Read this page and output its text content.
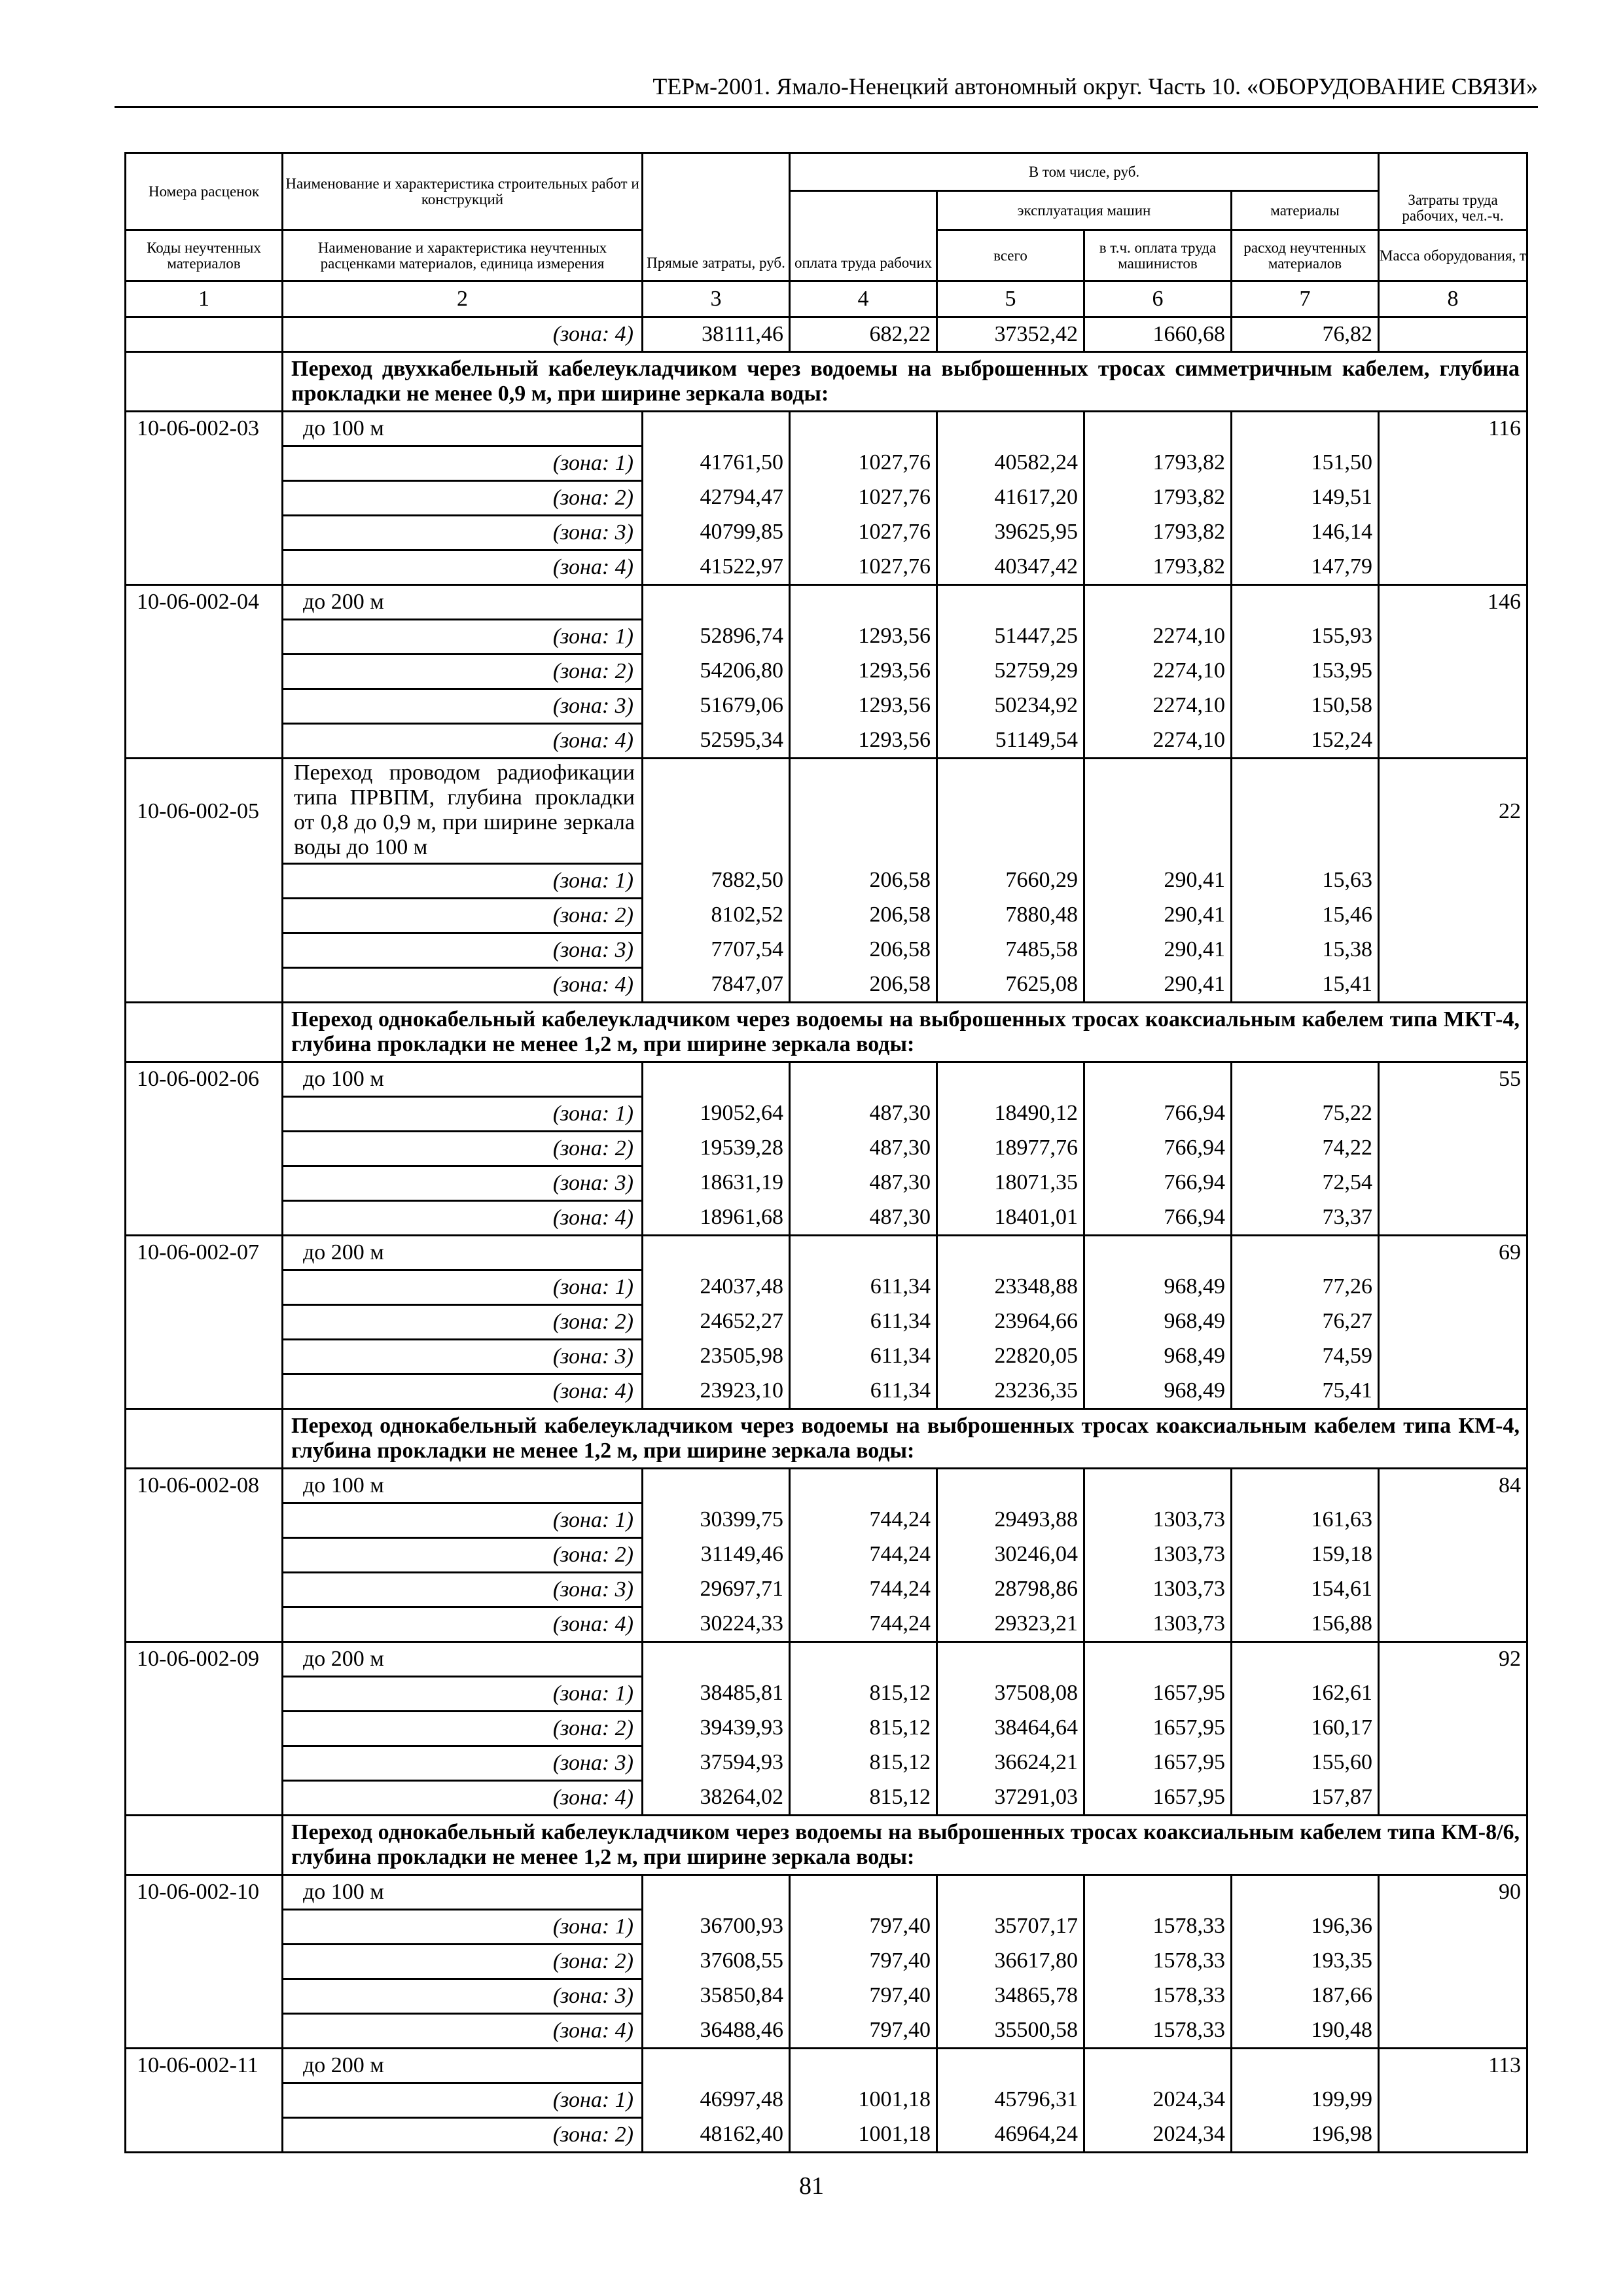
ТЕРм-2001. Ямало-Ненецкий автономный округ. Часть 10. «ОБОРУДОВАНИЕ СВЯЗИ»
Номера расценок	Наименование и характеристика строительных работ и конструкций	Прямые затраты, руб.	В том числе, руб.				Затраты труда рабочих, чел.-ч.
			оплата труда рабочих	эксплуатация машин		материалы	
Коды неучтенных материалов	Наименование и характеристика неучтенных расценками материалов, единица измерения			всего	в т.ч. оплата труда машинистов	расход неучтенных материалов	Масса оборудования, т
1	2	3	4	5	6	7	8
	(зона: 4)	38111,46	682,22	37352,42	1660,68	76,82	
	Переход двухкабельный кабелеукладчиком через водоемы на выброшенных тросах симметричным кабелем, глубина прокладки не менее 0,9 м, при ширине зеркала воды:						
10-06-002-03	до 100 м						116
	(зона: 1)	41761,50	1027,76	40582,24	1793,82	151,50	
	(зона: 2)	42794,47	1027,76	41617,20	1793,82	149,51	
	(зона: 3)	40799,85	1027,76	39625,95	1793,82	146,14	
	(зона: 4)	41522,97	1027,76	40347,42	1793,82	147,79	
10-06-002-04	до 200 м						146
	(зона: 1)	52896,74	1293,56	51447,25	2274,10	155,93	
	(зона: 2)	54206,80	1293,56	52759,29	2274,10	153,95	
	(зона: 3)	51679,06	1293,56	50234,92	2274,10	150,58	
	(зона: 4)	52595,34	1293,56	51149,54	2274,10	152,24	
10-06-002-05	Переход проводом радиофикации типа ПРВПМ, глубина прокладки от 0,8 до 0,9 м, при ширине зеркала воды до 100 м						22
	(зона: 1)	7882,50	206,58	7660,29	290,41	15,63	
	(зона: 2)	8102,52	206,58	7880,48	290,41	15,46	
	(зона: 3)	7707,54	206,58	7485,58	290,41	15,38	
	(зона: 4)	7847,07	206,58	7625,08	290,41	15,41	
	Переход однокабельный кабелеукладчиком через водоемы на выброшенных тросах коаксиальным кабелем типа МКТ-4, глубина прокладки не менее 1,2 м, при ширине зеркала воды:						
10-06-002-06	до 100 м						55
	(зона: 1)	19052,64	487,30	18490,12	766,94	75,22	
	(зона: 2)	19539,28	487,30	18977,76	766,94	74,22	
	(зона: 3)	18631,19	487,30	18071,35	766,94	72,54	
	(зона: 4)	18961,68	487,30	18401,01	766,94	73,37	
10-06-002-07	до 200 м						69
	(зона: 1)	24037,48	611,34	23348,88	968,49	77,26	
	(зона: 2)	24652,27	611,34	23964,66	968,49	76,27	
	(зона: 3)	23505,98	611,34	22820,05	968,49	74,59	
	(зона: 4)	23923,10	611,34	23236,35	968,49	75,41	
	Переход однокабельный кабелеукладчиком через водоемы на выброшенных тросах коаксиальным кабелем типа КМ-4, глубина прокладки не менее 1,2 м, при ширине зеркала воды:						
10-06-002-08	до 100 м						84
	(зона: 1)	30399,75	744,24	29493,88	1303,73	161,63	
	(зона: 2)	31149,46	744,24	30246,04	1303,73	159,18	
	(зона: 3)	29697,71	744,24	28798,86	1303,73	154,61	
	(зона: 4)	30224,33	744,24	29323,21	1303,73	156,88	
10-06-002-09	до 200 м						92
	(зона: 1)	38485,81	815,12	37508,08	1657,95	162,61	
	(зона: 2)	39439,93	815,12	38464,64	1657,95	160,17	
	(зона: 3)	37594,93	815,12	36624,21	1657,95	155,60	
	(зона: 4)	38264,02	815,12	37291,03	1657,95	157,87	
	Переход однокабельный кабелеукладчиком через водоемы на выброшенных тросах коаксиальным кабелем типа КМ-8/6, глубина прокладки не менее 1,2 м, при ширине зеркала воды:						
10-06-002-10	до 100 м						90
	(зона: 1)	36700,93	797,40	35707,17	1578,33	196,36	
	(зона: 2)	37608,55	797,40	36617,80	1578,33	193,35	
	(зона: 3)	35850,84	797,40	34865,78	1578,33	187,66	
	(зона: 4)	36488,46	797,40	35500,58	1578,33	190,48	
10-06-002-11	до 200 м						113
	(зона: 1)	46997,48	1001,18	45796,31	2024,34	199,99	
	(зона: 2)	48162,40	1001,18	46964,24	2024,34	196,98	
81
